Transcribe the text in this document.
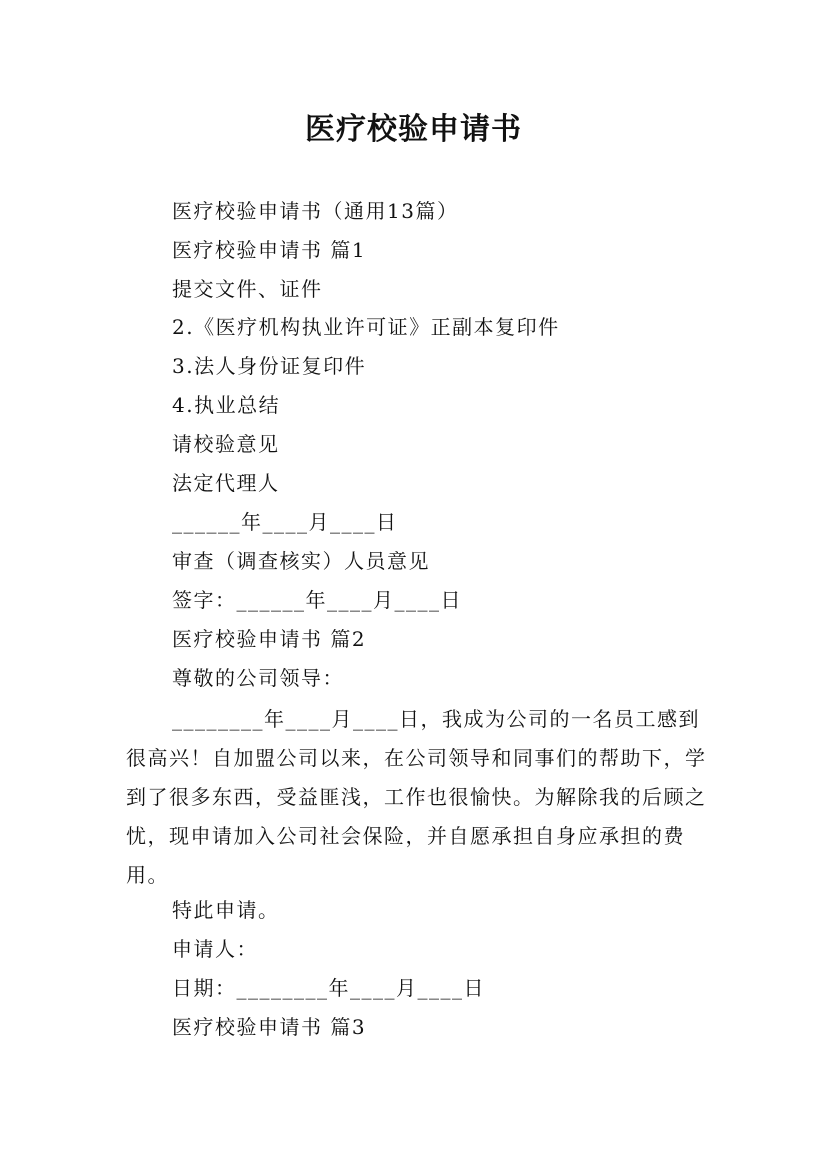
医疗校验申请书
医疗校验申请书（通用13篇）
医疗校验申请书 篇1
提交文件、证件
2.《医疗机构执业许可证》正副本复印件
3.法人身份证复印件
4.执业总结
请校验意见
法定代理人
______年____月____日
审查（调查核实）人员意见
签字：______年____月____日
医疗校验申请书 篇2
尊敬的公司领导：
________年____月____日，我成为公司的一名员工感到很高兴！自加盟公司以来，在公司领导和同事们的帮助下，学到了很多东西，受益匪浅，工作也很愉快。为解除我的后顾之忧，现申请加入公司社会保险，并自愿承担自身应承担的费用。
特此申请。
申请人：
日期：________年____月____日
医疗校验申请书 篇3
